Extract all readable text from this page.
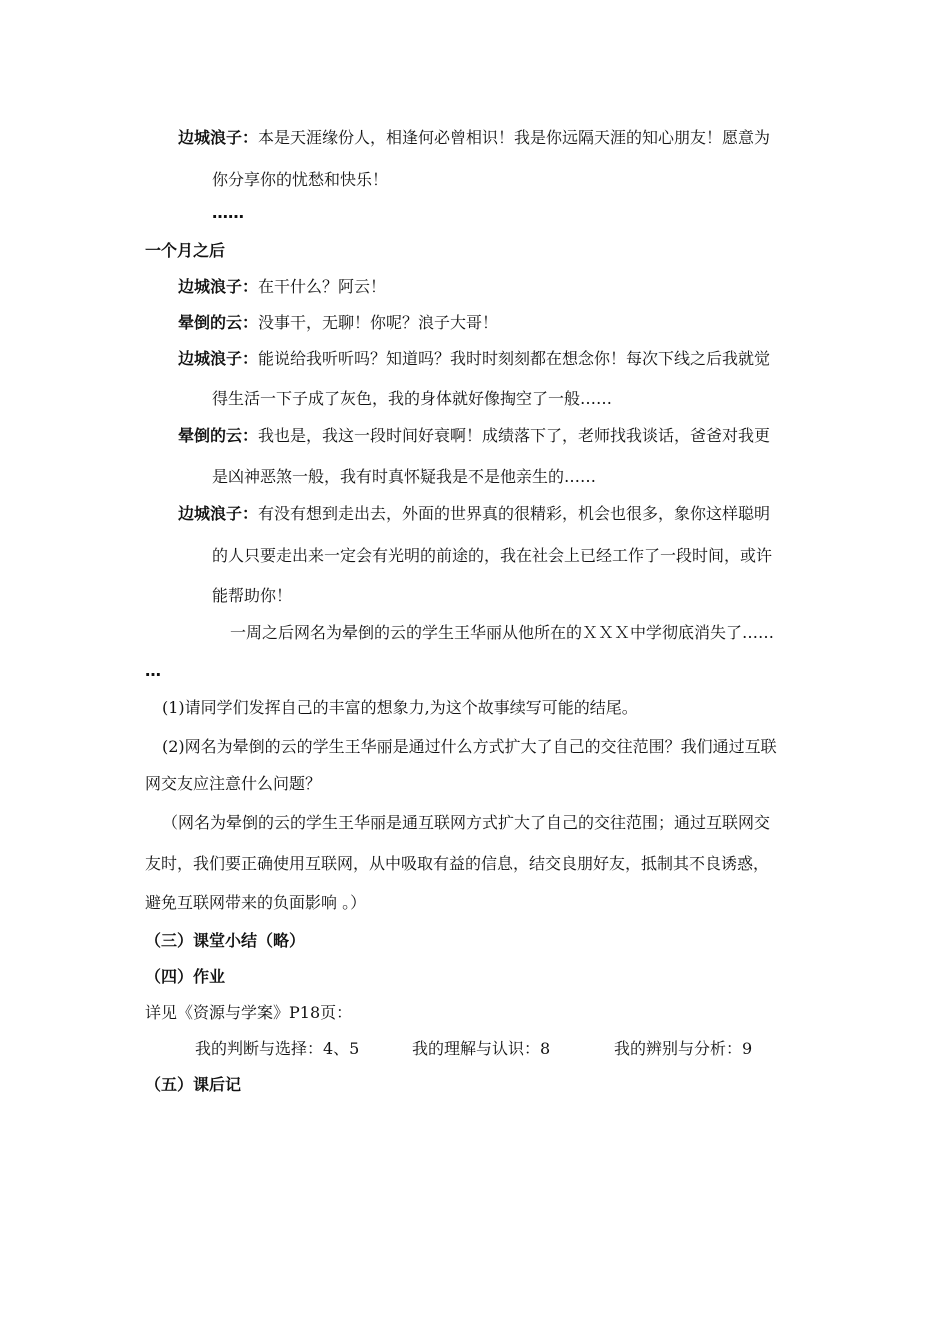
边城浪子：本是天涯缘份人，相逢何必曾相识！我是你远隔天涯的知心朋友！愿意为
你分享你的忧愁和快乐！
……
一个月之后
边城浪子：在干什么？阿云！
晕倒的云：没事干，无聊！你呢？浪子大哥！
边城浪子：能说给我听听吗？知道吗？我时时刻刻都在想念你！每次下线之后我就觉
得生活一下子成了灰色，我的身体就好像掏空了一般……
晕倒的云：我也是，我这一段时间好衰啊！成绩落下了，老师找我谈话，爸爸对我更
是凶神恶煞一般，我有时真怀疑我是不是他亲生的……
边城浪子：有没有想到走出去，外面的世界真的很精彩，机会也很多，象你这样聪明
的人只要走出来一定会有光明的前途的，我在社会上已经工作了一段时间，或许
能帮助你！
一周之后网名为晕倒的云的学生王华丽从他所在的ＸＸＸ中学彻底消失了……
…
(1)请同学们发挥自己的丰富的想象力,为这个故事续写可能的结尾。
(2)网名为晕倒的云的学生王华丽是通过什么方式扩大了自己的交往范围？我们通过互联
网交友应注意什么问题？
（网名为晕倒的云的学生王华丽是通互联网方式扩大了自己的交往范围；通过互联网交
友时，我们要正确使用互联网，从中吸取有益的信息，结交良朋好友，抵制其不良诱惑，
避免互联网带来的负面影响 。）
（三）课堂小结（略）
（四）作业
详见《资源与学案》P18页：
我的判断与选择：4、5	我的理解与认识：8	我的辨别与分析：9
（五）课后记
